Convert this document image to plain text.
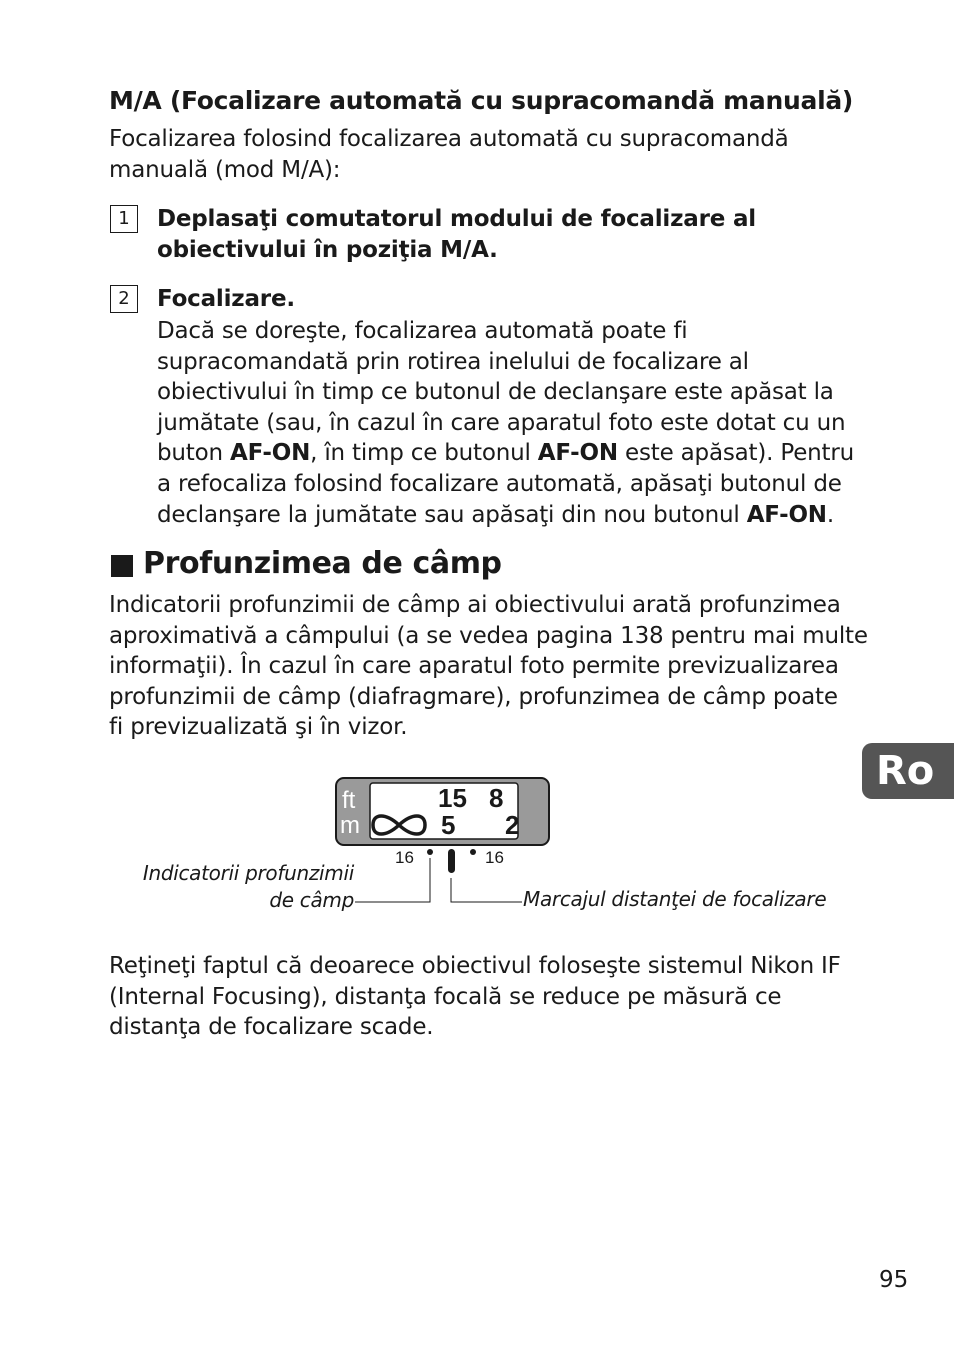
M/A (Focalizare automată cu supracomandă manuală)
Focalizarea folosind focalizarea automată cu supracomandă
manuală (mod M/A):
1	Deplasaţi comutatorul modului de focalizare al
obiectivului în poziţia M/A.
2	Focalizare.
Dacă se doreşte, focalizarea automată poate fi
supracomandată prin rotirea inelului de focalizare al
obiectivului în timp ce butonul de declanşare este apăsat la
jumătate (sau, în cazul în care aparatul foto este dotat cu un
buton AF-ON, în timp ce butonul AF-ON este apăsat). Pentru
a refocaliza folosind focalizare automată, apăsaţi butonul de
declanşare la jumătate sau apăsaţi din nou butonul AF-ON.
Profunzimea de câmp
Indicatorii profunzimii de câmp ai obiectivului arată profunzimea
aproximativă a câmpului (a se vedea pagina 138 pentru mai multe
informaţii). În cazul în care aparatul foto permite previzualizarea
profunzimii de câmp (diafragmare), profunzimea de câmp poate
fi previzualizată şi în vizor.
ft
m
15 8
5 2
16	16
Indicatorii profunzimii
de câmp	Marcajul distanţei de focalizare
Reţineţi faptul că deoarece obiectivul foloseşte sistemul Nikon IF
(Internal Focusing), distanţa focală se reduce pe măsură ce
distanţa de focalizare scade.
Ro
95
